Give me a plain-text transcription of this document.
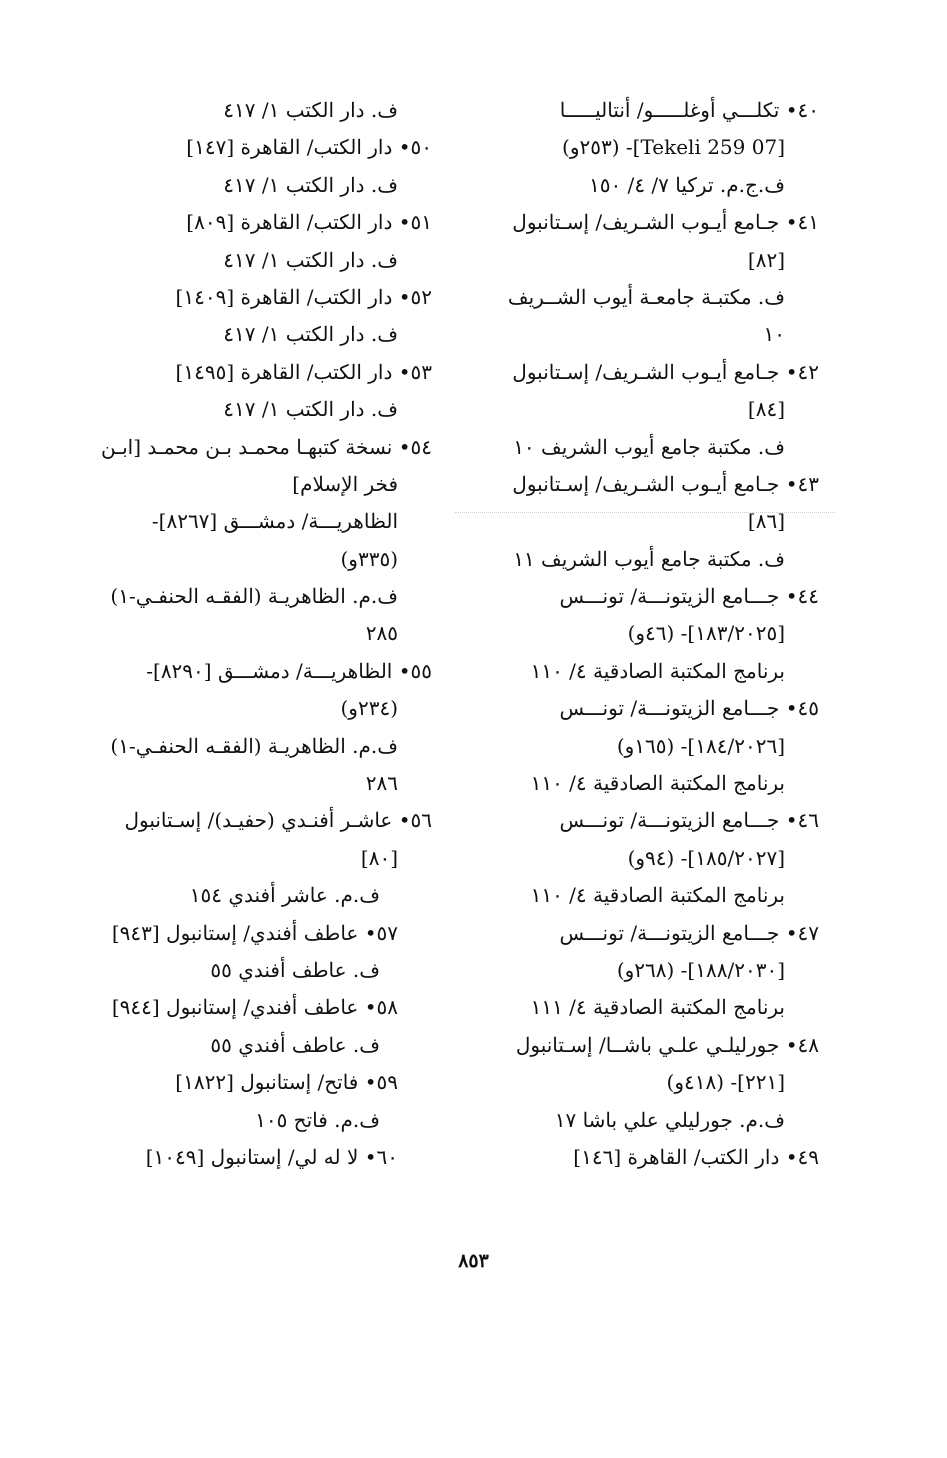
٤٠• تكلـــي أوغلـــــو/ أنتاليـــــا
[07 Tekeli 259]- (٢٥٣و)
ف.ج.م. تركيا ٧/ ٤/ ١٥٠
٤١• جـامع أيـوب الشـريف/ إسـتانبول
[٨٢]
ف. مكتبـة جامعـة أيوب الشــريف
١٠
٤٢• جـامع أيـوب الشـريف/ إسـتانبول
[٨٤]
ف. مكتبة جامع أيوب الشريف ١٠
٤٣• جـامع أيـوب الشـريف/ إسـتانبول
[٨٦]
ف. مكتبة جامع أيوب الشريف ١١
٤٤• جـــامع الزيتونـــة/ تونـــس
[١٨٣/٢٠٢٥]- (٤٦و)
برنامج المكتبة الصادقية ٤/ ١١٠
٤٥• جـــامع الزيتونـــة/ تونـــس
[١٨٤/٢٠٢٦]- (١٦٥و)
برنامج المكتبة الصادقية ٤/ ١١٠
٤٦• جـــامع الزيتونـــة/ تونـــس
[١٨٥/٢٠٢٧]- (٩٤و)
برنامج المكتبة الصادقية ٤/ ١١٠
٤٧• جـــامع الزيتونـــة/ تونـــس
[١٨٨/٢٠٣٠]- (٢٦٨و)
برنامج المكتبة الصادقية ٤/ ١١١
٤٨• جورليلـي علـي باشــا/ إسـتانبول
[٢٢١]- (٤١٨و)
ف.م. جورليلي علي باشا ١٧
٤٩• دار الكتب/ القاهرة [١٤٦]
ف. دار الكتب ١/ ٤١٧
٥٠• دار الكتب/ القاهرة [١٤٧]
ف. دار الكتب ١/ ٤١٧
٥١• دار الكتب/ القاهرة [٨٠٩]
ف. دار الكتب ١/ ٤١٧
٥٢• دار الكتب/ القاهرة [١٤٠٩]
ف. دار الكتب ١/ ٤١٧
٥٣• دار الكتب/ القاهرة [١٤٩٥]
ف. دار الكتب ١/ ٤١٧
٥٤• نسخة كتبهـا محمـد بـن محمـد [ابـن
فخر الإسلام]
الظاهريـــة/ دمشـــق [٨٢٦٧]-
(٣٣٥و)
ف.م. الظاهريـة (الفقـه الحنفـي-١)
٢٨٥
٥٥• الظاهريـــة/ دمشـــق [٨٢٩٠]-
(٢٣٤و)
ف.م. الظاهريـة (الفقـه الحنفـي-١)
٢٨٦
٥٦• عاشـر أفنـدي (حفيـد)/ إسـتانبول
[٨٠]
ف.م. عاشر أفندي ١٥٤
٥٧• عاطف أفندي/ إستانبول [٩٤٣]
ف. عاطف أفندي ٥٥
٥٨• عاطف أفندي/ إستانبول [٩٤٤]
ف. عاطف أفندي ٥٥
٥٩• فاتح/ إستانبول [١٨٢٢]
ف.م. فاتح ١٠٥
٦٠• لا له لي/ إستانبول [١٠٤٩]
٨٥٣
